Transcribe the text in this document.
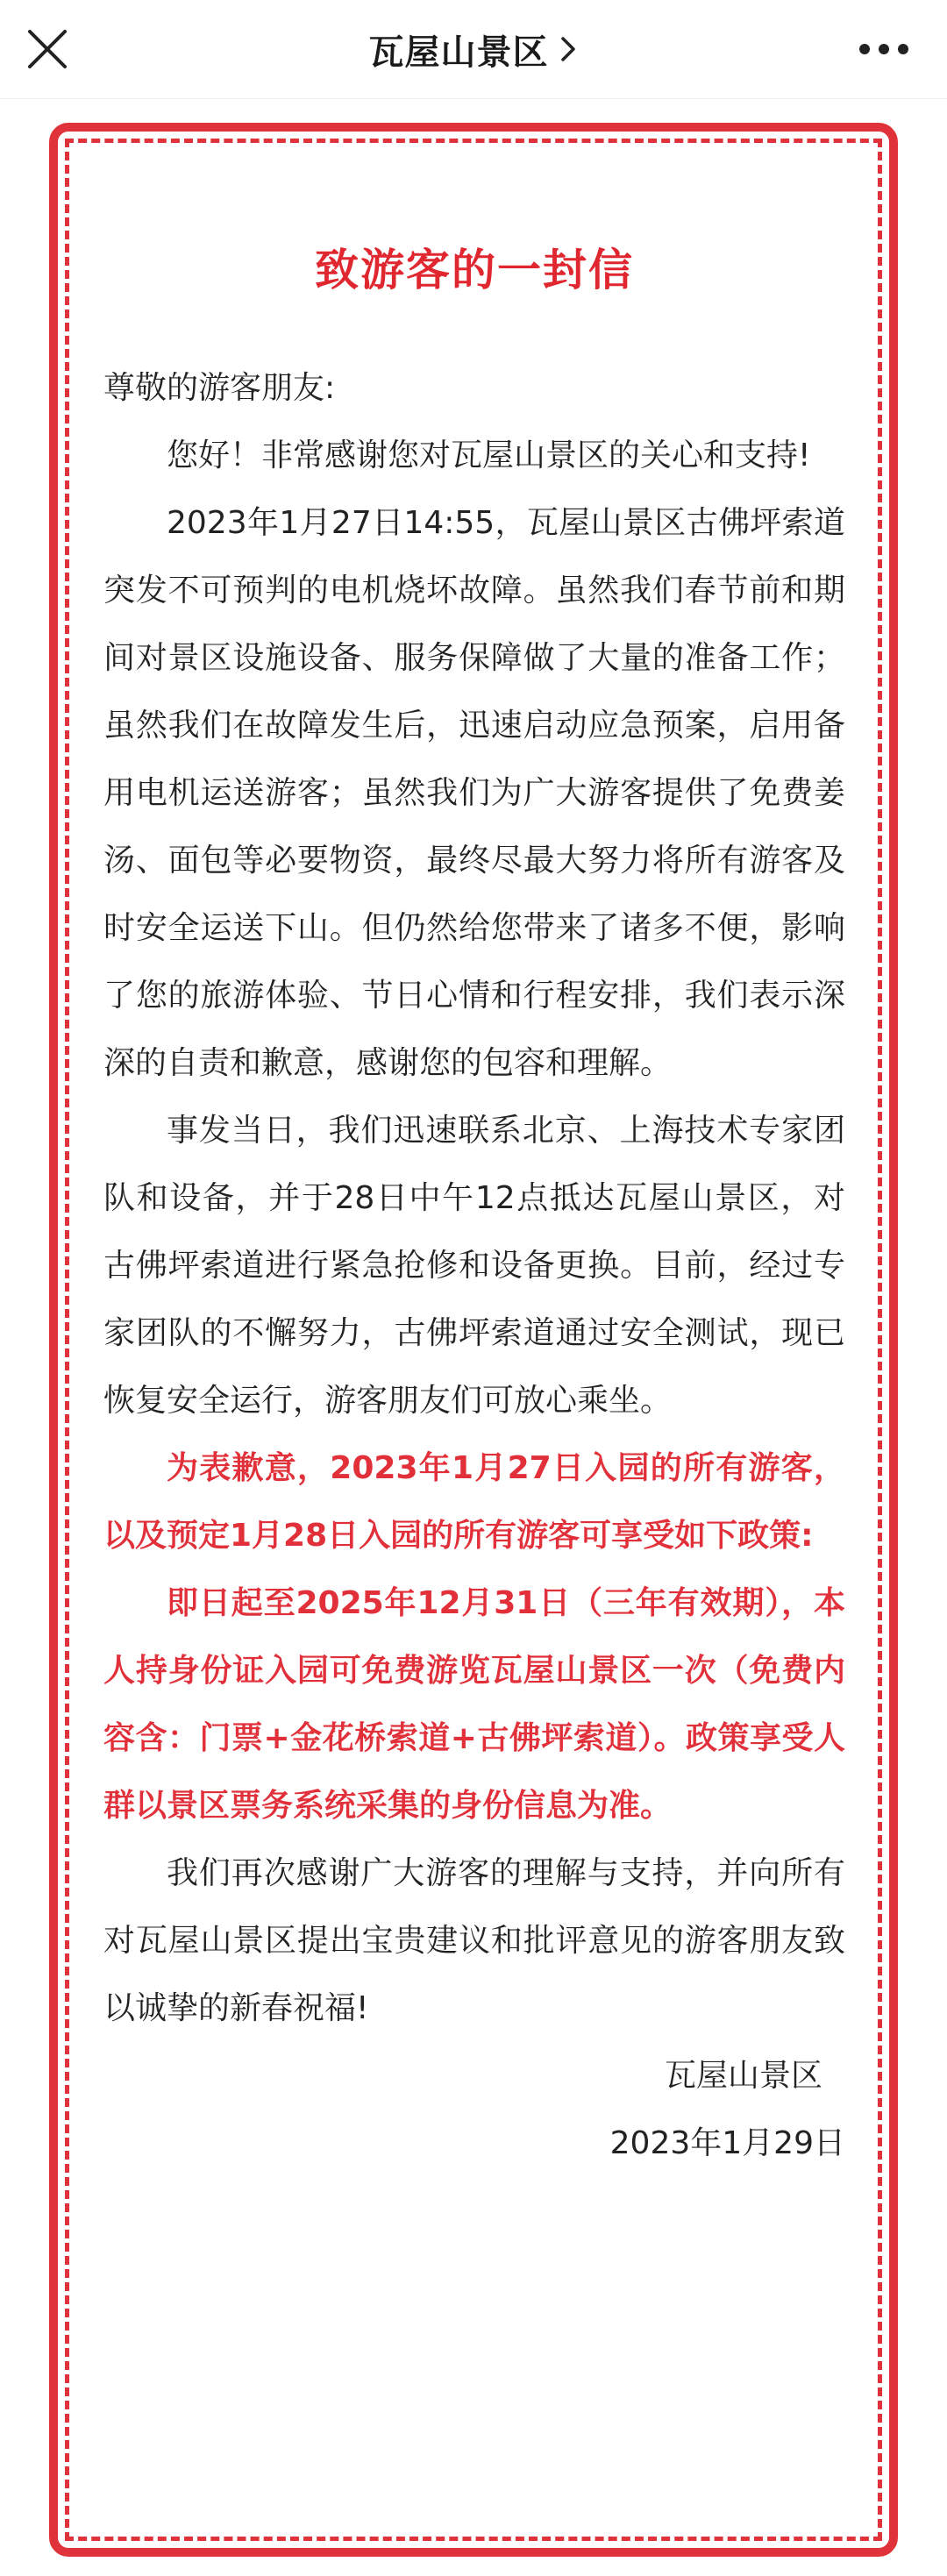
瓦屋山景区
致游客的一封信

尊敬的游客朋友:

您好！非常感谢您对瓦屋山景区的关心和支持!

2023年1月27日14:55，瓦屋山景区古佛坪索道突发不可预判的电机烧坏故障。虽然我们春节前和期间对景区设施设备、服务保障做了大量的准备工作；虽然我们在故障发生后，迅速启动应急预案，启用备用电机运送游客；虽然我们为广大游客提供了免费姜汤、面包等必要物资，最终尽最大努力将所有游客及时安全运送下山。但仍然给您带来了诸多不便，影响了您的旅游体验、节日心情和行程安排，我们表示深深的自责和歉意，感谢您的包容和理解。

事发当日，我们迅速联系北京、上海技术专家团队和设备，并于28日中午12点抵达瓦屋山景区，对古佛坪索道进行紧急抢修和设备更换。目前，经过专家团队的不懈努力，古佛坪索道通过安全测试，现已恢复安全运行，游客朋友们可放心乘坐。

为表歉意，2023年1月27日入园的所有游客，以及预定1月28日入园的所有游客可享受如下政策:

即日起至2025年12月31日（三年有效期），本人持身份证入园可免费游览瓦屋山景区一次（免费内容含：门票+金花桥索道+古佛坪索道）。政策享受人群以景区票务系统采集的身份信息为准。

我们再次感谢广大游客的理解与支持，并向所有对瓦屋山景区提出宝贵建议和批评意见的游客朋友致以诚挚的新春祝福!

瓦屋山景区

2023年1月29日
